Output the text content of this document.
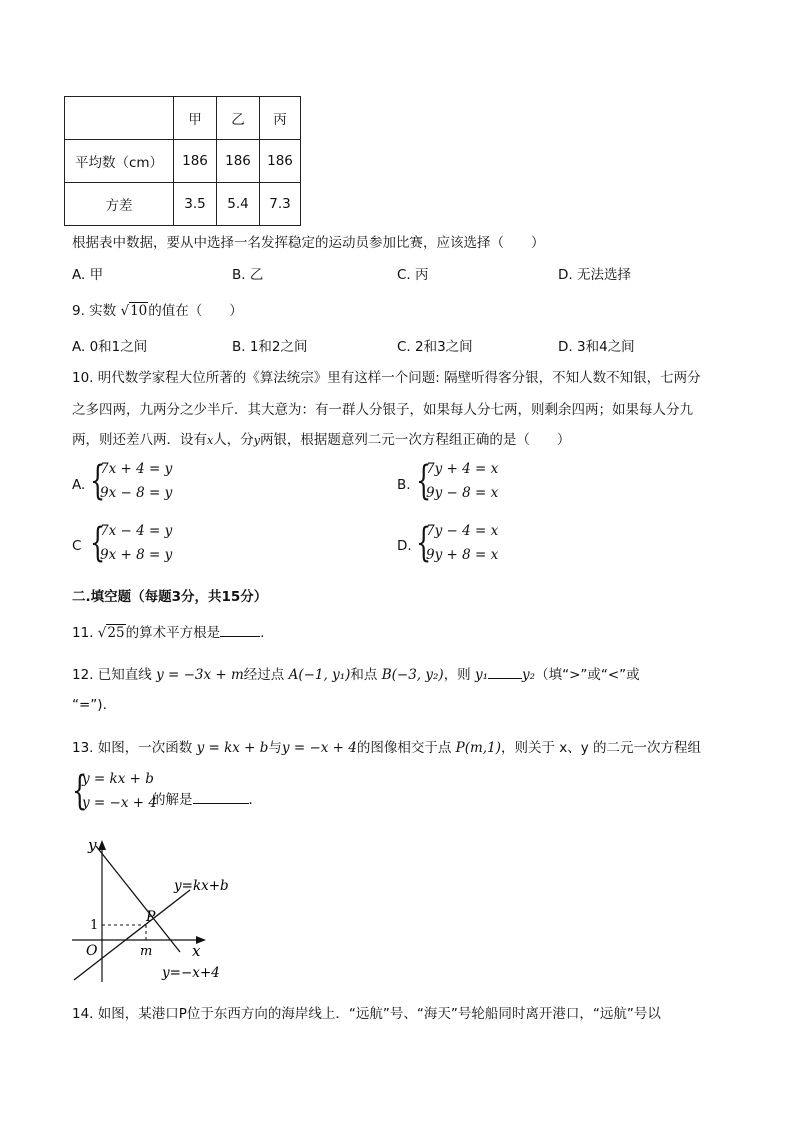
	甲	乙	丙
平均数（cm）	186	186	186
方差	3.5	5.4	7.3
根据表中数据，要从中选择一名发挥稳定的运动员参加比赛，应该选择（　　）
A. 甲	B. 乙	C. 丙	D. 无法选择
9. 实数 √10的值在（　　）
A. 0和1之间	B. 1和2之间	C. 2和3之间	D. 3和4之间
10. 明代数学家程大位所著的《算法统宗》里有这样一个问题: 隔壁听得客分银，不知人数不知银，七两分
之多四两，九两分之少半斤．其大意为：有一群人分银子，如果每人分七两，则剩余四两；如果每人分九
两，则还差八两．设有x人，分y两银，根据题意列二元一次方程组正确的是（　　）
A. {
7x + 4 = y
9x − 8 = y	B. {
7y + 4 = x
9y − 8 = x
C {
7x − 4 = y
9x + 8 = y
D. {
7y − 4 = x
9y + 8 = x
二.填空题（每题3分，共15分）
11. √25的算术平方根是	.
12. 已知直线 y = −3x + m经过点 A(−1, y₁)和点 B(−3, y₂)，则 y₁	y₂（填“>”或“<”或
“=”).
13. 如图，一次函数 y = kx + b与y = −x + 4的图像相交于点 P(m,1)，则关于 x、y 的二元一次方程组
{
y = kx + b
y = −x + 4
的解是	.
y
x
O
P
m
1
y=kx+b
y=−x+4
14. 如图，某港口P位于东西方向的海岸线上．“远航”号、“海天”号轮船同时离开港口，“远航”号以
